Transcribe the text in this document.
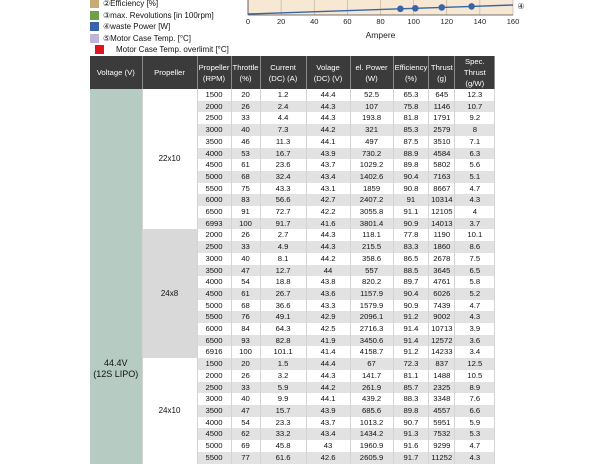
②Efficiency [%]
③max. Revolutions [in 100rpm]
④waste Power [W]
⑤Motor Case Temp. [°C]
Motor Case Temp. overlimit [°C]
0	20	40	60	80	100	120	140	160
Ampere
④
Voltage (V)	Propeller	Propeller (RPM)	Throttle (%)	Current (DC) (A)	Volage (DC) (V)	el. Power (W)	Efficiency (%)	Thrust (g)	Spec. Thrust (g/W)

44.4V
(12S LIPO)	22x10	1500	20	1.2	44.4	52.5	65.3	645	12.3
		2000	26	2.4	44.3	107	75.8	1146	10.7
		2500	33	4.4	44.3	193.8	81.8	1791	9.2
		3000	40	7.3	44.2	321	85.3	2579	8
		3500	46	11.3	44.1	497	87.5	3510	7.1
		4000	53	16.7	43.9	730.2	88.9	4584	6.3
		4500	61	23.6	43.7	1029.2	89.8	5802	5.6
		5000	68	32.4	43.4	1402.6	90.4	7163	5.1
		5500	75	43.3	43.1	1859	90.8	8667	4.7
		6000	83	56.6	42.7	2407.2	91	10314	4.3
		6500	91	72.7	42.2	3055.8	91.1	12105	4
		6993	100	91.7	41.6	3801.4	90.9	14013	3.7
	24x8	2000	26	2.7	44.3	118.1	77.8	1190	10.1
		2500	33	4.9	44.3	215.5	83.3	1860	8.6
		3000	40	8.1	44.2	358.6	86.5	2678	7.5
		3500	47	12.7	44	557	88.5	3645	6.5
		4000	54	18.8	43.8	820.2	89.7	4761	5.8
		4500	61	26.7	43.6	1157.9	90.4	6026	5.2
		5000	68	36.6	43.3	1579.9	90.9	7439	4.7
		5500	76	49.1	42.9	2096.1	91.2	9002	4.3
		6000	84	64.3	42.5	2716.3	91.4	10713	3.9
		6500	93	82.8	41.9	3450.6	91.4	12572	3.6
		6916	100	101.1	41.4	4158.7	91.2	14233	3.4
	24x10	1500	20	1.5	44.4	67	72.3	837	12.5
		2000	26	3.2	44.3	141.7	81.1	1488	10.5
		2500	33	5.9	44.2	261.9	85.7	2325	8.9
		3000	40	9.9	44.1	439.2	88.3	3348	7.6
		3500	47	15.7	43.9	685.6	89.8	4557	6.6
		4000	54	23.3	43.7	1013.2	90.7	5951	5.9
		4500	62	33.2	43.4	1434.2	91.3	7532	5.3
		5000	69	45.8	43	1960.9	91.6	9299	4.7
		5500	77	61.6	42.6	2605.9	91.7	11252	4.3
